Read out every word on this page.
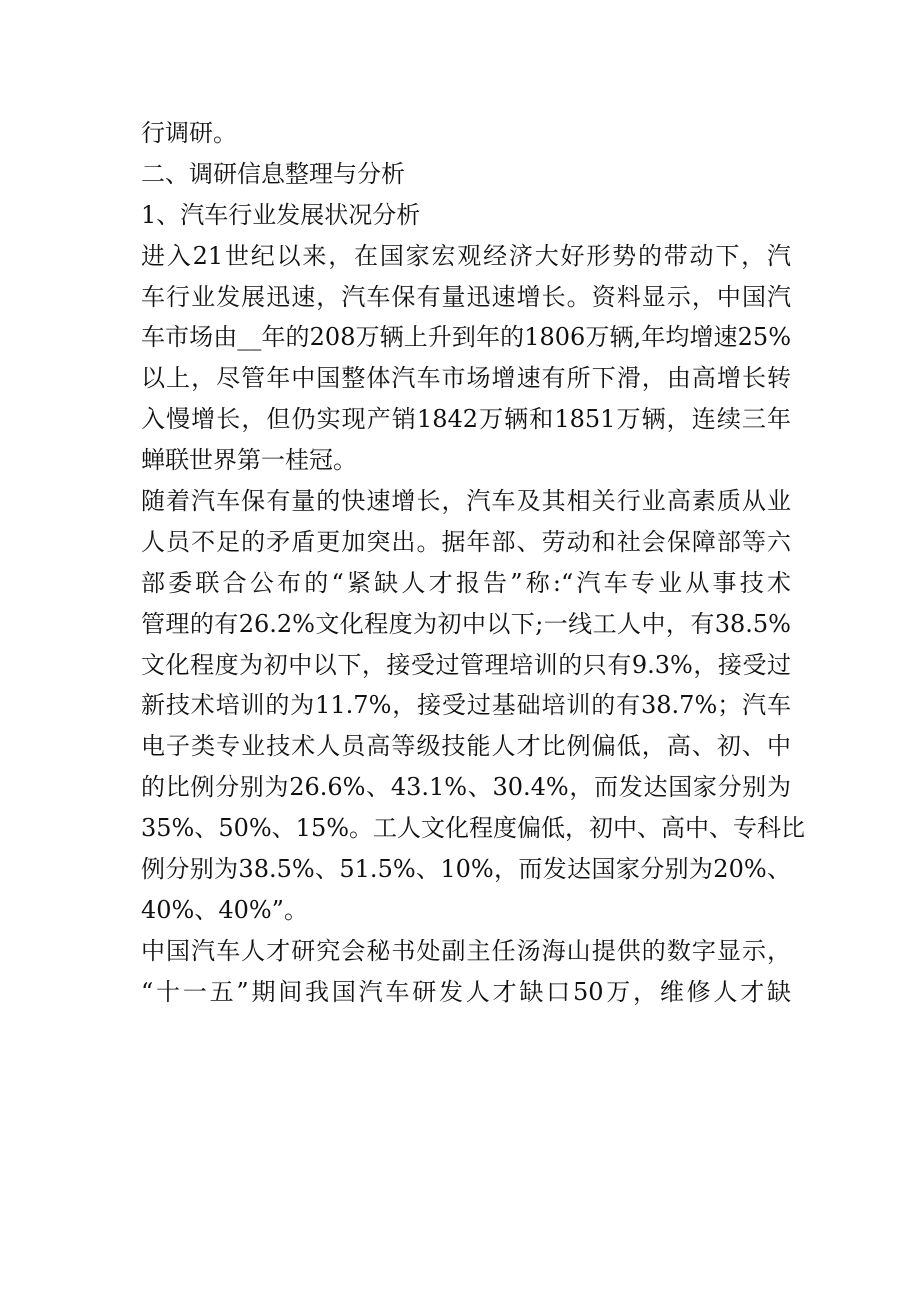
行调研。
二、调研信息整理与分析
1、汽车行业发展状况分析
进入21世纪以来，在国家宏观经济大好形势的带动下，汽
车行业发展迅速，汽车保有量迅速增长。资料显示，中国汽
车市场由__年的208万辆上升到年的1806万辆,年均增速25%
以上，尽管年中国整体汽车市场增速有所下滑，由高增长转
入慢增长，但仍实现产销1842万辆和1851万辆，连续三年
蝉联世界第一桂冠。
随着汽车保有量的快速增长，汽车及其相关行业高素质从业
人员不足的矛盾更加突出。据年部、劳动和社会保障部等六
部委联合公布的“紧缺人才报告”称:“汽车专业从事技术
管理的有26.2%文化程度为初中以下;一线工人中，有38.5%
文化程度为初中以下，接受过管理培训的只有9.3%，接受过
新技术培训的为11.7%，接受过基础培训的有38.7%；汽车
电子类专业技术人员高等级技能人才比例偏低，高、初、中
的比例分别为26.6%、43.1%、30.4%，而发达国家分别为
35%、50%、15%。工人文化程度偏低，初中、高中、专科比
例分别为38.5%、51.5%、10%，而发达国家分别为20%、
40%、40%”。
中国汽车人才研究会秘书处副主任汤海山提供的数字显示，
“十一五”期间我国汽车研发人才缺口50万，维修人才缺
